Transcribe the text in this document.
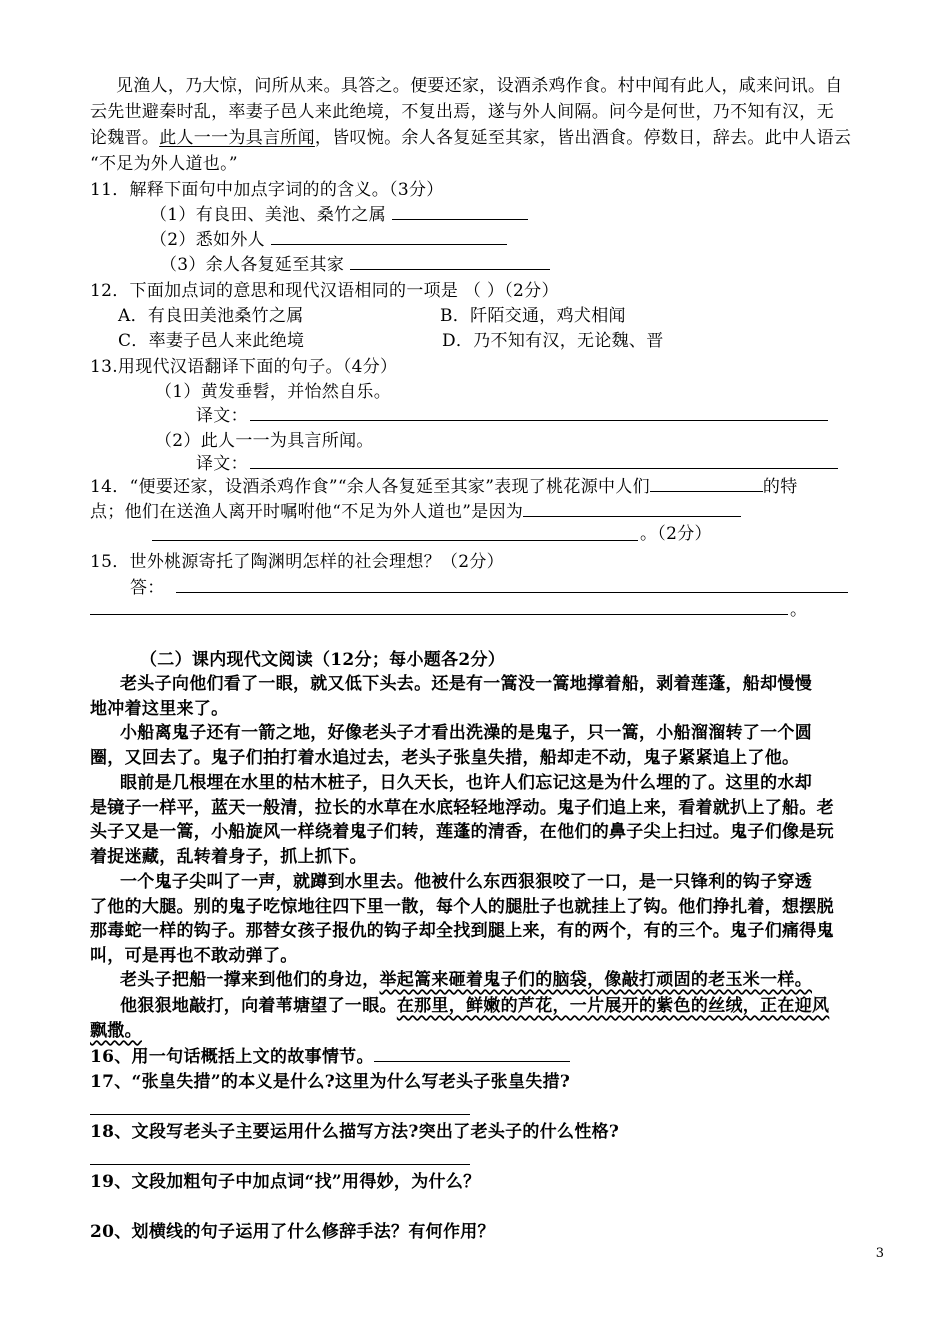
见渔人，乃大惊，问所从来。具答之。便要还家，设酒杀鸡作食。村中闻有此人，咸来问讯。自
云先世避秦时乱，率妻子邑人来此绝境，不复出焉，遂与外人间隔。问今是何世，乃不知有汉，无
论魏晋。此人一一为具言所闻，皆叹惋。余人各复延至其家，皆出酒食。停数日，辞去。此中人语云
“不足为外人道也。”
11．解释下面句中加点字词的的含义。（3分）
（1）有良田、美池、桑竹之属
（2）悉如外人
（3）余人各复延至其家
12．下面加点词的意思和现代汉语相同的一项是 （ ）（2分）
A．有良田美池桑竹之属	B．阡陌交通，鸡犬相闻
C．率妻子邑人来此绝境	D．乃不知有汉，无论魏、晋
13.用现代汉语翻译下面的句子。（4分）
（1）黄发垂髫，并怡然自乐。
译文：
（2）此人一一为具言所闻。
译文：
14．“便要还家，设酒杀鸡作食”“余人各复延至其家”表现了桃花源中人们	的特
点；他们在送渔人离开时嘱咐他“不足为外人道也”是因为
。（2分）
15．世外桃源寄托了陶渊明怎样的社会理想？（2分）
答：
。
（二）课内现代文阅读（12分；每小题各2分）
老头子向他们看了一眼，就又低下头去。还是有一篙没一篙地撑着船，剥着莲蓬，船却慢慢
地冲着这里来了。
小船离鬼子还有一箭之地，好像老头子才看出洗澡的是鬼子，只一篙，小船溜溜转了一个圆
圈，又回去了。鬼子们拍打着水追过去，老头子张皇失措，船却走不动，鬼子紧紧追上了他。
眼前是几根埋在水里的枯木桩子，日久天长，也许人们忘记这是为什么埋的了。这里的水却
是镜子一样平，蓝天一般清，拉长的水草在水底轻轻地浮动。鬼子们追上来，看着就扒上了船。老
头子又是一篙，小船旋风一样绕着鬼子们转，莲蓬的清香，在他们的鼻子尖上扫过。鬼子们像是玩
着捉迷藏，乱转着身子，抓上抓下。
一个鬼子尖叫了一声，就蹲到水里去。他被什么东西狠狠咬了一口，是一只锋利的钩子穿透
了他的大腿。别的鬼子吃惊地往四下里一散，每个人的腿肚子也就挂上了钩。他们挣扎着，想摆脱
那毒蛇一样的钩子。那替女孩子报仇的钩子却全找到腿上来，有的两个，有的三个。鬼子们痛得鬼
叫，可是再也不敢动弹了。
老头子把船一撑来到他们的身边，举起篙来砸着鬼子们的脑袋，像敲打顽固的老玉米一样。
他狠狠地敲打，向着苇塘望了一眼。在那里，鲜嫩的芦花，一片展开的紫色的丝绒，正在迎风
飘撒。
16、用一句话概括上文的故事情节。
17、“张皇失措”的本义是什么?这里为什么写老头子张皇失措?
18、文段写老头子主要运用什么描写方法?突出了老头子的什么性格?
19、文段加粗句子中加点词“找”用得妙，为什么？
20、划横线的句子运用了什么修辞手法？有何作用？
3
